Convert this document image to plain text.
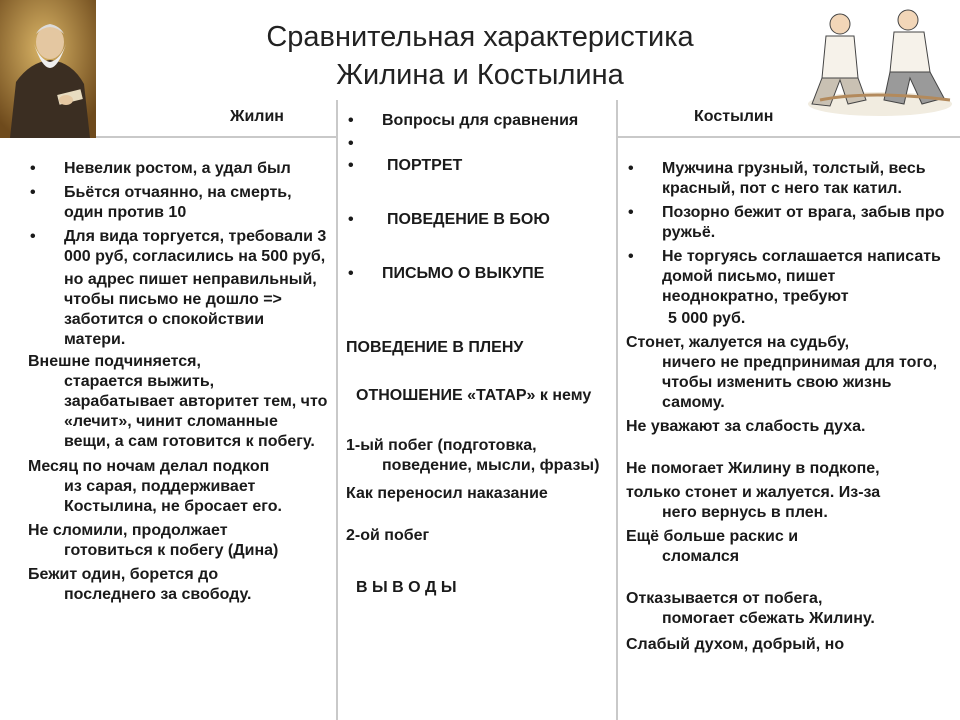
Сравнительная характеристика
Жилина и Костылина
Жилин	Костылин

• Невелик ростом, а удал был

• Бьётся отчаянно, на смерть, один против 10

• Для вида торгуется, требовали 3 000 руб, согласились на 500 руб,

но адрес пишет неправильный, чтобы письмо не дошло => заботится о спокойствии матери.

Внешне подчиняется,

старается выжить, зарабатывает авторитет тем, что «лечит», чинит сломанные вещи, а сам готовится к побегу.

Месяц по ночам делал подкоп

из сарая, поддерживает Костылина, не бросает его.

Не сломили, продолжает

готовиться к побегу (Дина)

Бежит один, борется до

последнего за свободу.

• Вопросы для сравнения

•

• ПОРТРЕТ

• ПОВЕДЕНИЕ В БОЮ

• ПИСЬМО О ВЫКУПЕ

ПОВЕДЕНИЕ В ПЛЕНУ

ОТНОШЕНИЕ «ТАТАР» к нему

1-ый побег (подготовка, поведение, мысли, фразы)

Как переносил наказание

2-ой побег

В Ы В О Д Ы

• Мужчина грузный, толстый, весь красный, пот с него так катил.

• Позорно бежит от врага, забыв про ружьё.

• Не торгуясь соглашается написать домой письмо, пишет неоднократно, требуют

5 000 руб.

Стонет, жалуется на судьбу,

ничего не предпринимая для того, чтобы изменить свою жизнь самому.

Не уважают за слабость духа.

Не помогает Жилину в подкопе,

только стонет и жалуется. Из-за

него вернусь в плен.

Ещё больше раскис и

сломался

Отказывается от побега,

помогает сбежать Жилину.

Слабый духом, добрый, но
